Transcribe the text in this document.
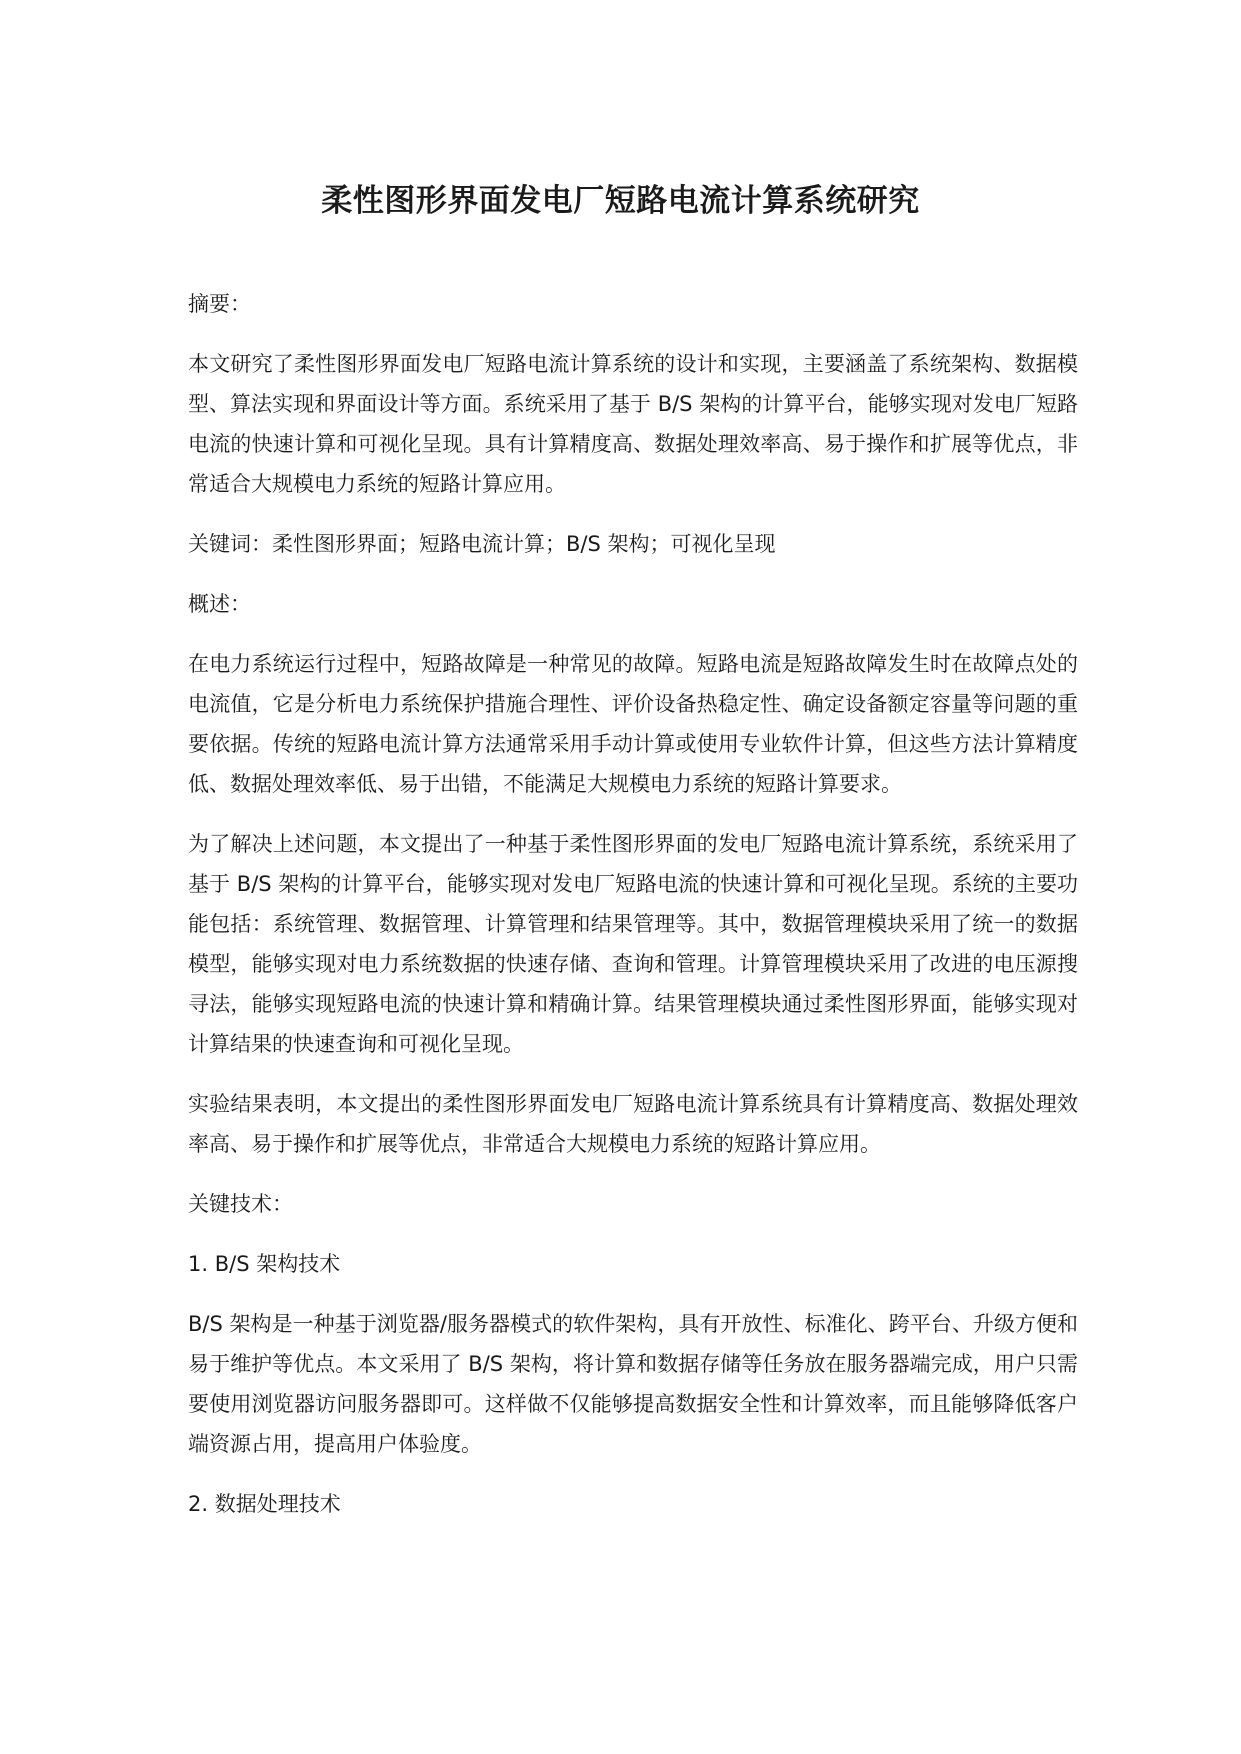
柔性图形界面发电厂短路电流计算系统研究

摘要：

本文研究了柔性图形界面发电厂短路电流计算系统的设计和实现，主要涵盖了系统架构、数据模型、算法实现和界面设计等方面。系统采用了基于 B/S 架构的计算平台，能够实现对发电厂短路电流的快速计算和可视化呈现。具有计算精度高、数据处理效率高、易于操作和扩展等优点，非常适合大规模电力系统的短路计算应用。

关键词：柔性图形界面；短路电流计算；B/S 架构；可视化呈现

概述：

在电力系统运行过程中，短路故障是一种常见的故障。短路电流是短路故障发生时在故障点处的电流值，它是分析电力系统保护措施合理性、评价设备热稳定性、确定设备额定容量等问题的重要依据。传统的短路电流计算方法通常采用手动计算或使用专业软件计算，但这些方法计算精度低、数据处理效率低、易于出错，不能满足大规模电力系统的短路计算要求。

为了解决上述问题，本文提出了一种基于柔性图形界面的发电厂短路电流计算系统，系统采用了基于 B/S 架构的计算平台，能够实现对发电厂短路电流的快速计算和可视化呈现。系统的主要功能包括：系统管理、数据管理、计算管理和结果管理等。其中，数据管理模块采用了统一的数据模型，能够实现对电力系统数据的快速存储、查询和管理。计算管理模块采用了改进的电压源搜寻法，能够实现短路电流的快速计算和精确计算。结果管理模块通过柔性图形界面，能够实现对计算结果的快速查询和可视化呈现。

实验结果表明，本文提出的柔性图形界面发电厂短路电流计算系统具有计算精度高、数据处理效率高、易于操作和扩展等优点，非常适合大规模电力系统的短路计算应用。

关键技术：

1. B/S 架构技术

B/S 架构是一种基于浏览器/服务器模式的软件架构，具有开放性、标准化、跨平台、升级方便和易于维护等优点。本文采用了 B/S 架构，将计算和数据存储等任务放在服务器端完成，用户只需要使用浏览器访问服务器即可。这样做不仅能够提高数据安全性和计算效率，而且能够降低客户端资源占用，提高用户体验度。

2. 数据处理技术
